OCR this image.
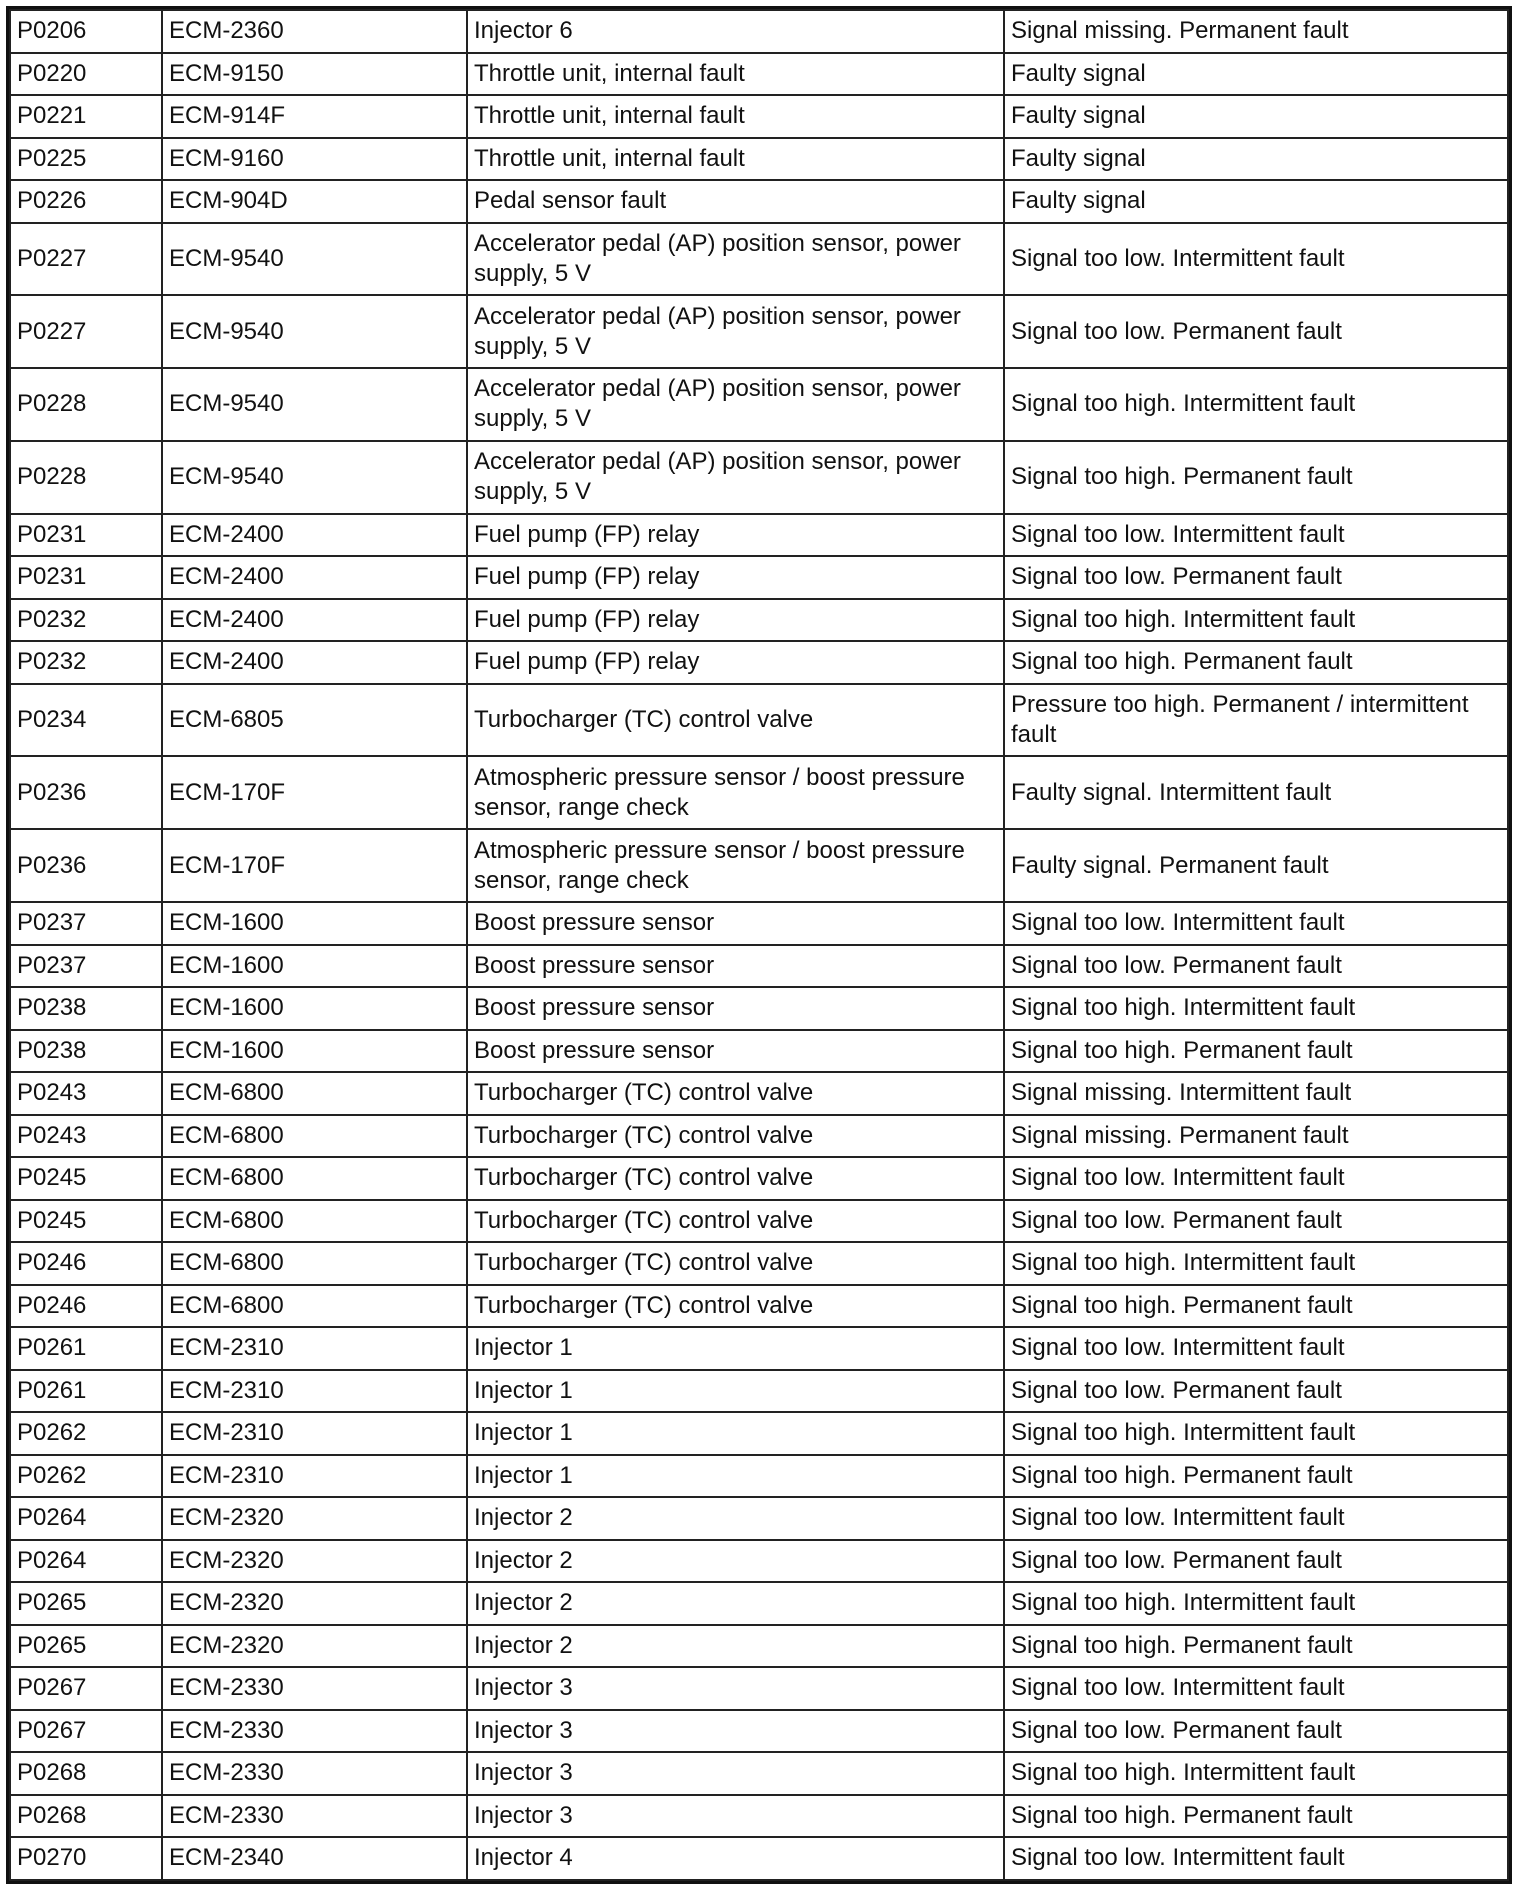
P0206	ECM-2360	Injector 6	Signal missing. Permanent fault
P0220	ECM-9150	Throttle unit, internal fault	Faulty signal
P0221	ECM-914F	Throttle unit, internal fault	Faulty signal
P0225	ECM-9160	Throttle unit, internal fault	Faulty signal
P0226	ECM-904D	Pedal sensor fault	Faulty signal
P0227	ECM-9540	Accelerator pedal (AP) position sensor, power supply, 5 V	Signal too low. Intermittent fault
P0227	ECM-9540	Accelerator pedal (AP) position sensor, power supply, 5 V	Signal too low. Permanent fault
P0228	ECM-9540	Accelerator pedal (AP) position sensor, power supply, 5 V	Signal too high. Intermittent fault
P0228	ECM-9540	Accelerator pedal (AP) position sensor, power supply, 5 V	Signal too high. Permanent fault
P0231	ECM-2400	Fuel pump (FP) relay	Signal too low. Intermittent fault
P0231	ECM-2400	Fuel pump (FP) relay	Signal too low. Permanent fault
P0232	ECM-2400	Fuel pump (FP) relay	Signal too high. Intermittent fault
P0232	ECM-2400	Fuel pump (FP) relay	Signal too high. Permanent fault
P0234	ECM-6805	Turbocharger (TC) control valve	Pressure too high. Permanent / intermittent fault
P0236	ECM-170F	Atmospheric pressure sensor / boost pressure sensor, range check	Faulty signal. Intermittent fault
P0236	ECM-170F	Atmospheric pressure sensor / boost pressure sensor, range check	Faulty signal. Permanent fault
P0237	ECM-1600	Boost pressure sensor	Signal too low. Intermittent fault
P0237	ECM-1600	Boost pressure sensor	Signal too low. Permanent fault
P0238	ECM-1600	Boost pressure sensor	Signal too high. Intermittent fault
P0238	ECM-1600	Boost pressure sensor	Signal too high. Permanent fault
P0243	ECM-6800	Turbocharger (TC) control valve	Signal missing. Intermittent fault
P0243	ECM-6800	Turbocharger (TC) control valve	Signal missing. Permanent fault
P0245	ECM-6800	Turbocharger (TC) control valve	Signal too low. Intermittent fault
P0245	ECM-6800	Turbocharger (TC) control valve	Signal too low. Permanent fault
P0246	ECM-6800	Turbocharger (TC) control valve	Signal too high. Intermittent fault
P0246	ECM-6800	Turbocharger (TC) control valve	Signal too high. Permanent fault
P0261	ECM-2310	Injector 1	Signal too low. Intermittent fault
P0261	ECM-2310	Injector 1	Signal too low. Permanent fault
P0262	ECM-2310	Injector 1	Signal too high. Intermittent fault
P0262	ECM-2310	Injector 1	Signal too high. Permanent fault
P0264	ECM-2320	Injector 2	Signal too low. Intermittent fault
P0264	ECM-2320	Injector 2	Signal too low. Permanent fault
P0265	ECM-2320	Injector 2	Signal too high. Intermittent fault
P0265	ECM-2320	Injector 2	Signal too high. Permanent fault
P0267	ECM-2330	Injector 3	Signal too low. Intermittent fault
P0267	ECM-2330	Injector 3	Signal too low. Permanent fault
P0268	ECM-2330	Injector 3	Signal too high. Intermittent fault
P0268	ECM-2330	Injector 3	Signal too high. Permanent fault
P0270	ECM-2340	Injector 4	Signal too low. Intermittent fault
